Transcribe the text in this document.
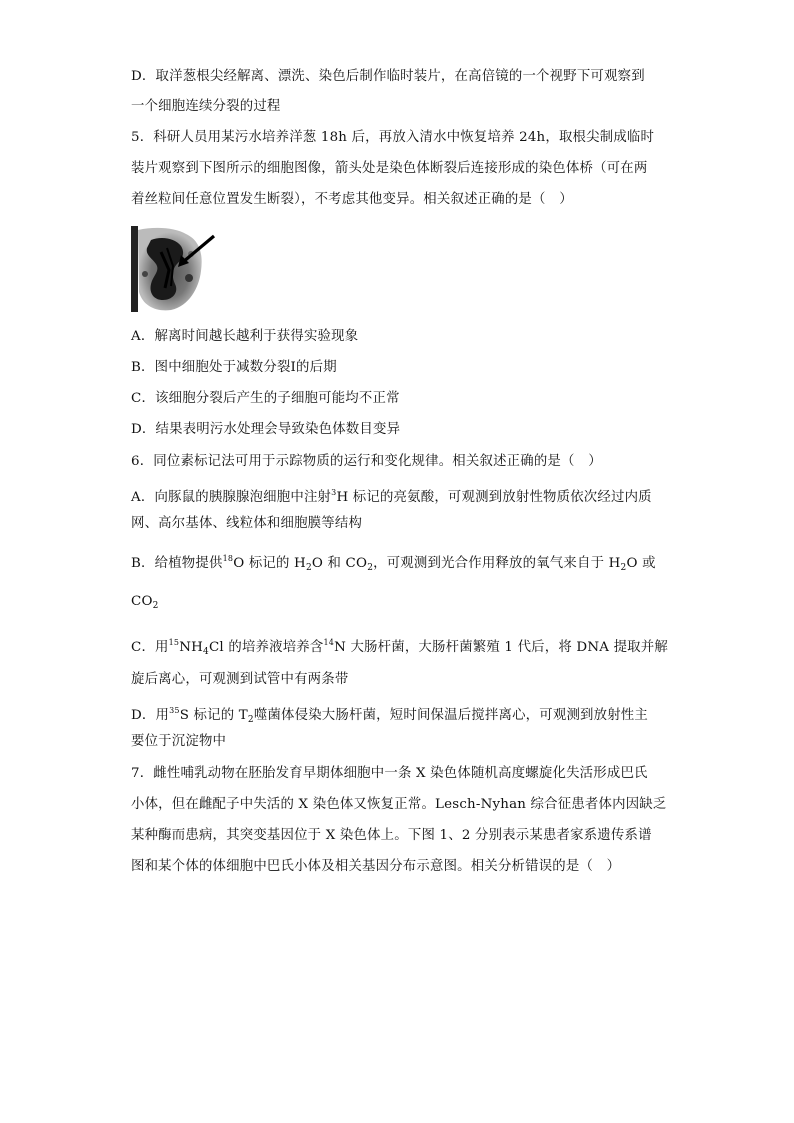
D．取洋葱根尖经解离、漂洗、染色后制作临时装片，在高倍镜的一个视野下可观察到
一个细胞连续分裂的过程
5．科研人员用某污水培养洋葱 18h 后，再放入清水中恢复培养 24h，取根尖制成临时
装片观察到下图所示的细胞图像，箭头处是染色体断裂后连接形成的染色体桥（可在两
着丝粒间任意位置发生断裂），不考虑其他变异。相关叙述正确的是（　）
A．解离时间越长越利于获得实验现象
B．图中细胞处于减数分裂Ⅰ的后期
C．该细胞分裂后产生的子细胞可能均不正常
D．结果表明污水处理会导致染色体数目变异
6．同位素标记法可用于示踪物质的运行和变化规律。相关叙述正确的是（　）
A．向豚鼠的胰腺腺泡细胞中注射$^3$H 标记的亮氨酸，可观测到放射性物质依次经过内质
网、高尔基体、线粒体和细胞膜等结构
B．给植物提供$^{18}$O 标记的 $H_2O$ 和 $CO_2$，可观测到光合作用释放的氧气来自于 $H_2O$ 或
$CO_2$
C．用$^{15}NH_4Cl$ 的培养液培养含$^{14}$N 大肠杆菌，大肠杆菌繁殖 1 代后，将 DNA 提取并解
旋后离心，可观测到试管中有两条带
D．用$^{35}$S 标记的 $T_2$噬菌体侵染大肠杆菌，短时间保温后搅拌离心，可观测到放射性主
要位于沉淀物中
7．雌性哺乳动物在胚胎发育早期体细胞中一条 X 染色体随机高度螺旋化失活形成巴氏
小体，但在雌配子中失活的 X 染色体又恢复正常。Lesch-Nyhan 综合征患者体内因缺乏
某种酶而患病，其突变基因位于 X 染色体上。下图 1、2 分别表示某患者家系遗传系谱
图和某个体的体细胞中巴氏小体及相关基因分布示意图。相关分析错误的是（　）
